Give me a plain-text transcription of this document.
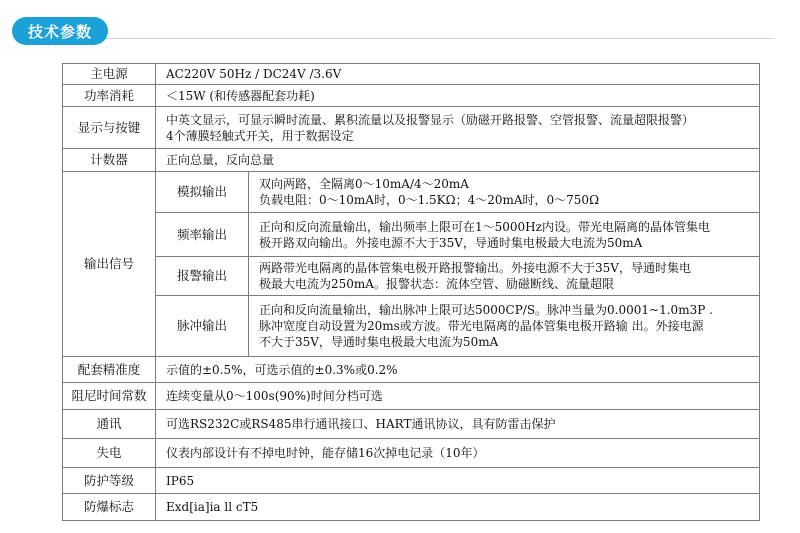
技术参数
主电源	AC220V 50Hz / DC24V /3.6V	
功率消耗	＜15W (和传感器配套功耗)	
显示与按键	中英文显示，可显示瞬时流量、累积流量以及报警显示（励磁开路报警、空管报警、流量超限报警）
4个薄膜轻触式开关，用于数据设定	

计数器	正向总量，反向总量	
输出信号	模拟输出	双向两路，全隔离0～10mA/4～20mA
负载电阻：0～10mA时，0～1.5KΩ；4～20mA时，0～750Ω

	频率输出	正向和反向流量输出，输出频率上限可在1～5000Hz内设。带光电隔离的晶体管集电
极开路双向输出。外接电源不大于35V，导通时集电极最大电流为50mA

	报警输出	两路带光电隔离的晶体管集电极开路报警输出。外接电源不大于35V，导通时集电
极最大电流为250mA。报警状态：流体空管、励磁断线、流量超限

	脉冲输出	正向和反向流量输出，输出脉冲上限可达5000CP/S。脉冲当量为0.0001~1.0m3P .
脉冲宽度自动设置为20ms或方波。带光电隔离的晶体管集电极开路输 出。外接电源
不大于35V，导通时集电极最大电流为50mA

配套精准度	示值的±0.5%，可选示值的±0.3%或0.2%	
阻尼时间常数	连续变量从0～100s(90%)时间分档可选	
通讯	可选RS232C或RS485串行通讯接口、HART通讯协议，具有防雷击保护	
失电	仪表内部设计有不掉电时钟，能存储16次掉电记录（10年）	
防护等级	IP65	
防爆标志	Exd[ia]ia ll cT5	
